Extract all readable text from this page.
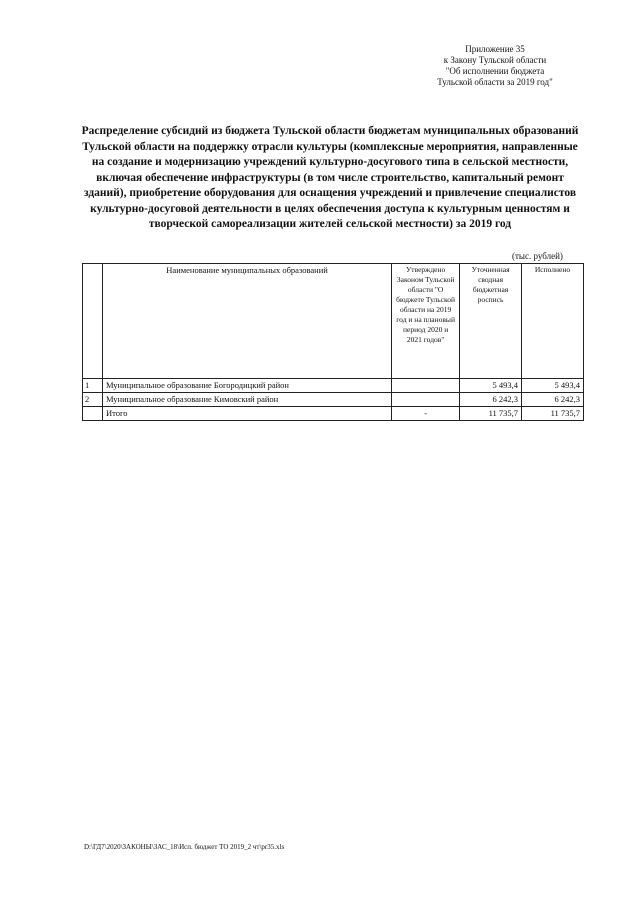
Приложение 35
к Закону Тульской области
"Об исполнении бюджета
Тульской области за 2019 год"
Распределение субсидий из бюджета Тульской области бюджетам муниципальных образований Тульской области на поддержку отрасли культуры (комплексные мероприятия, направленные на создание и модернизацию учреждений культурно-досугового типа в сельской местности, включая обеспечение инфраструктуры (в том числе строительство, капитальный ремонт зданий), приобретение оборудования для оснащения учреждений и привлечение специалистов культурно-досуговой деятельности в целях обеспечения доступа к культурным ценностям и творческой самореализации жителей сельской местности) за 2019 год
(тыс. рублей)
	Наименование муниципальных образований	Утверждено Законом Тульской области "О бюджете Тульской области на 2019 год и на плановый период 2020 и 2021 годов"	Уточненная сводная бюджетная роспись	Исполнено
1	Муниципальное образование Богородицкий район		5 493,4	5 493,4
2	Муниципальное образование Кимовский район		6 242,3	6 242,3
	Итого	-	11 735,7	11 735,7
D:\ГД7\2020\ЗАКОНЫ\ЗАС_18\Исп. бюджет ТО 2019_2 чт\pr35.xls
